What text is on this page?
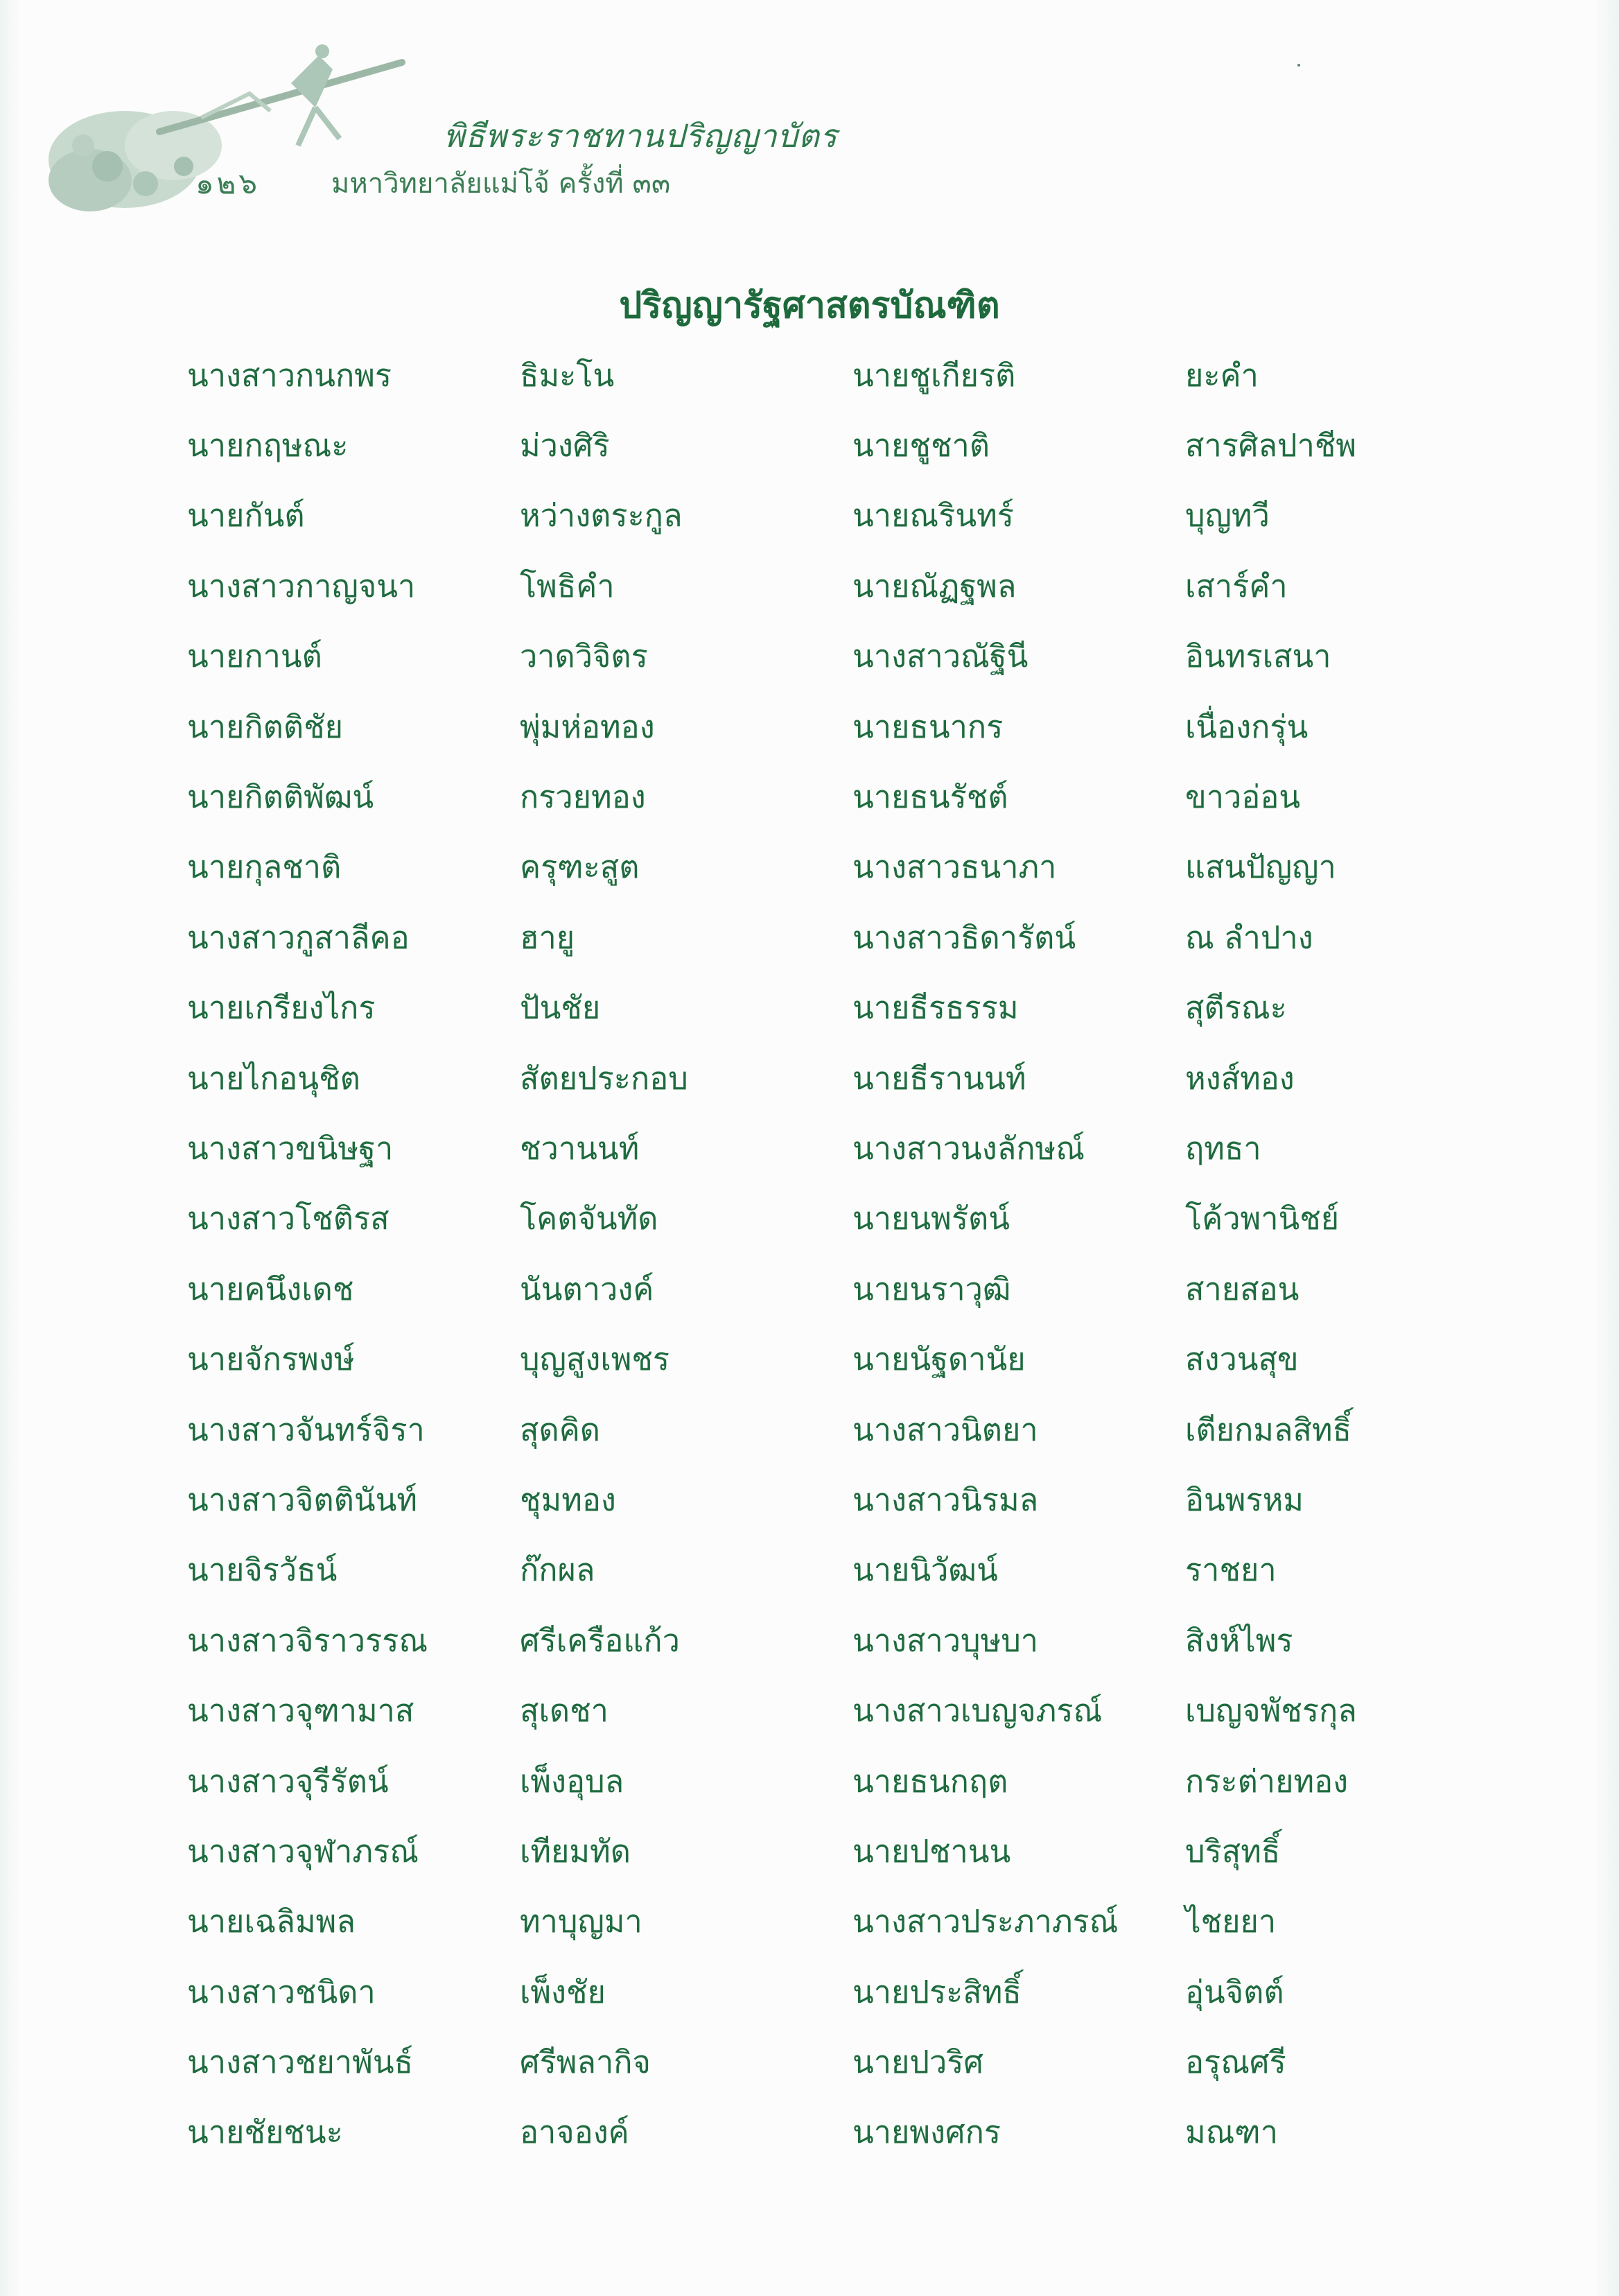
พิธีพระราชทานปริญญาบัตร
๑๒๖	มหาวิทยาลัยแม่โจ้ ครั้งที่ ๓๓
ปริญญารัฐศาสตรบัณฑิต
นางสาวกนกพร	ธิมะโน	นายชูเกียรติ	ยะคำ
นายกฤษณะ	ม่วงศิริ	นายชูชาติ	สารศิลปาชีพ
นายกันต์	หว่างตระกูล	นายณรินทร์	บุญทวี
นางสาวกาญจนา	โพธิคำ	นายณัฏฐพล	เสาร์คำ
นายกานต์	วาดวิจิตร	นางสาวณัฐินี	อินทรเสนา
นายกิตติชัย	พุ่มห่อทอง	นายธนากร	เนื่องกรุ่น
นายกิตติพัฒน์	กรวยทอง	นายธนรัชต์	ขาวอ่อน
นายกุลชาติ	ครุฑะสูต	นางสาวธนาภา	แสนปัญญา
นางสาวกูสาลีคอ	ฮายู	นางสาวธิดารัตน์	ณ ลำปาง
นายเกรียงไกร	ปันชัย	นายธีรธรรม	สุตีรณะ
นายไกอนุชิต	สัตยประกอบ	นายธีรานนท์	หงส์ทอง
นางสาวขนิษฐา	ชวานนท์	นางสาวนงลักษณ์	ฤทธา
นางสาวโชติรส	โคตจันทัด	นายนพรัตน์	โค้วพานิชย์
นายคนึงเดช	นันตาวงค์	นายนราวุฒิ	สายสอน
นายจักรพงษ์	บุญสูงเพชร	นายนัฐดานัย	สงวนสุข
นางสาวจันทร์จิรา	สุดคิด	นางสาวนิตยา	เตียกมลสิทธิ์
นางสาวจิตตินันท์	ชุมทอง	นางสาวนิรมล	อินพรหม
นายจิรวัธน์	ก๊กผล	นายนิวัฒน์	ราชยา
นางสาวจิราวรรณ	ศรีเครือแก้ว	นางสาวบุษบา	สิงห์ไพร
นางสาวจุฑามาส	สุเดชา	นางสาวเบญจภรณ์	เบญจพัชรกุล
นางสาวจุรีรัตน์	เพ็งอุบล	นายธนกฤต	กระต่ายทอง
นางสาวจุฬาภรณ์	เทียมทัด	นายปชานน	บริสุทธิ์
นายเฉลิมพล	ทาบุญมา	นางสาวประภาภรณ์	ไชยยา
นางสาวชนิดา	เพ็งชัย	นายประสิทธิ์	อุ่นจิตต์
นางสาวชยาพันธ์	ศรีพลากิจ	นายปวริศ	อรุณศรี
นายชัยชนะ	อาจองค์	นายพงศกร	มณฑา
